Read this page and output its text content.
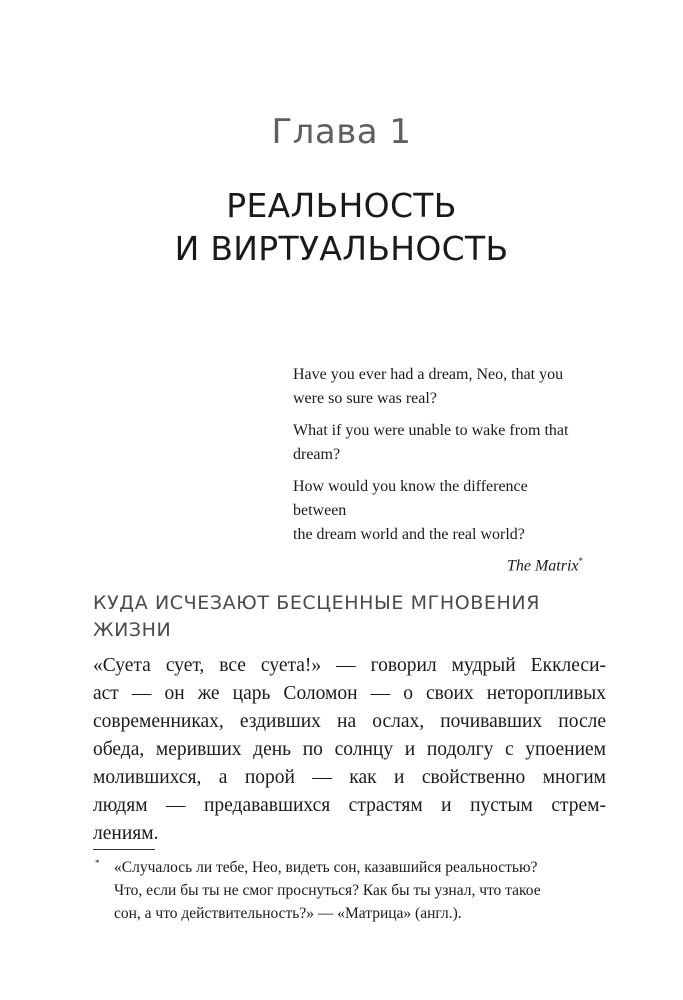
Глава 1
РЕАЛЬНОСТЬ
И ВИРТУАЛЬНОСТЬ

Have you ever had a dream, Neo, that you
were so sure was real?

What if you were unable to wake from that
dream?

How would you know the difference between
the dream world and the real world?

The Matrix*
КУДА ИСЧЕЗАЮТ БЕСЦЕННЫЕ МГНОВЕНИЯ
ЖИЗНИ
«Суета сует, все суета!» — говорил мудрый Екклеси-
аст — он же царь Соломон — о своих неторопливых
современниках, ездивших на ослах, почивавших после
обеда, меривших день по солнцу и подолгу с упоением
молившихся, а порой — как и свойственно многим
людям — предававшихся страстям и пустым стрем-
лениям.
* «Случалось ли тебе, Нео, видеть сон, казавшийся реальностью?
Что, если бы ты не смог проснуться? Как бы ты узнал, что такое
сон, а что действительность?» — «Матрица» (англ.).
